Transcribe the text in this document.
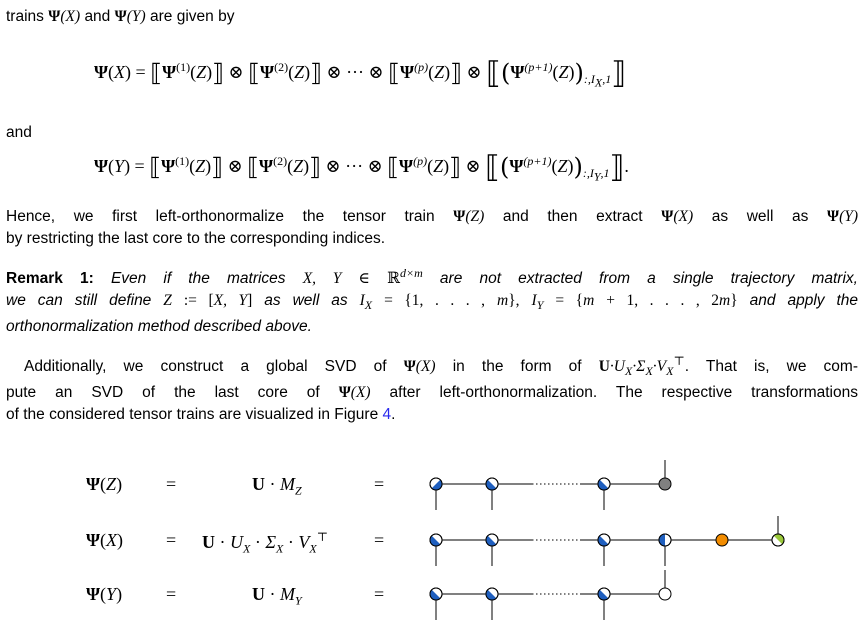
trains Ψ(X) and Ψ(Y) are given by
$\Psi(X) = ⟦\Psi^{(1)}(Z)⟧$ ⊗ $⟦\Psi^{(2)}(Z)⟧$ ⊗ ··· ⊗ $⟦\Psi^{(p)}(Z)⟧$ ⊗ $⟦(\Psi^{(p+1)}(Z))_{:,I_X,1}⟧$
and
$\Psi(Y) = ⟦\Psi^{(1)}(Z)⟧$ ⊗ $⟦\Psi^{(2)}(Z)⟧$ ⊗ ··· ⊗ $⟦\Psi^{(p)}(Z)⟧$ ⊗ $⟦(\Psi^{(p+1)}(Z))_{:,I_Y,1}⟧$.
Hence, we first left-orthonormalize the tensor train Ψ(Z) and then extract Ψ(X) as well as Ψ(Y)
by restricting the last core to the corresponding indices.
Remark 1: Even if the matrices X, Y ∈ ℝ$^{d\times m}$ are not extracted from a single trajectory matrix,
we can still define Z := [X, Y] as well as $I_X = \{1$, . . . , m}, $I_Y = \{m + 1$, . . . , 2m} and apply the
orthonormalization method described above.
Additionally, we construct a global SVD of Ψ(X) in the form of $U\cdot U_X\cdot\Sigma_X\cdot V_X^⊤$. That is, we com-
pute an SVD of the last core of Ψ(X) after left-orthonormalization. The respective transformations
of the considered tensor trains are visualized in Figure 4.
Ψ(Z) =	$U \cdot M_Z$	=
$\Psi(X) = U \cdot U_X \cdot \Sigma_X \cdot V_X^⊤$	=
Ψ(Y) =	$U \cdot M_Y$	=
